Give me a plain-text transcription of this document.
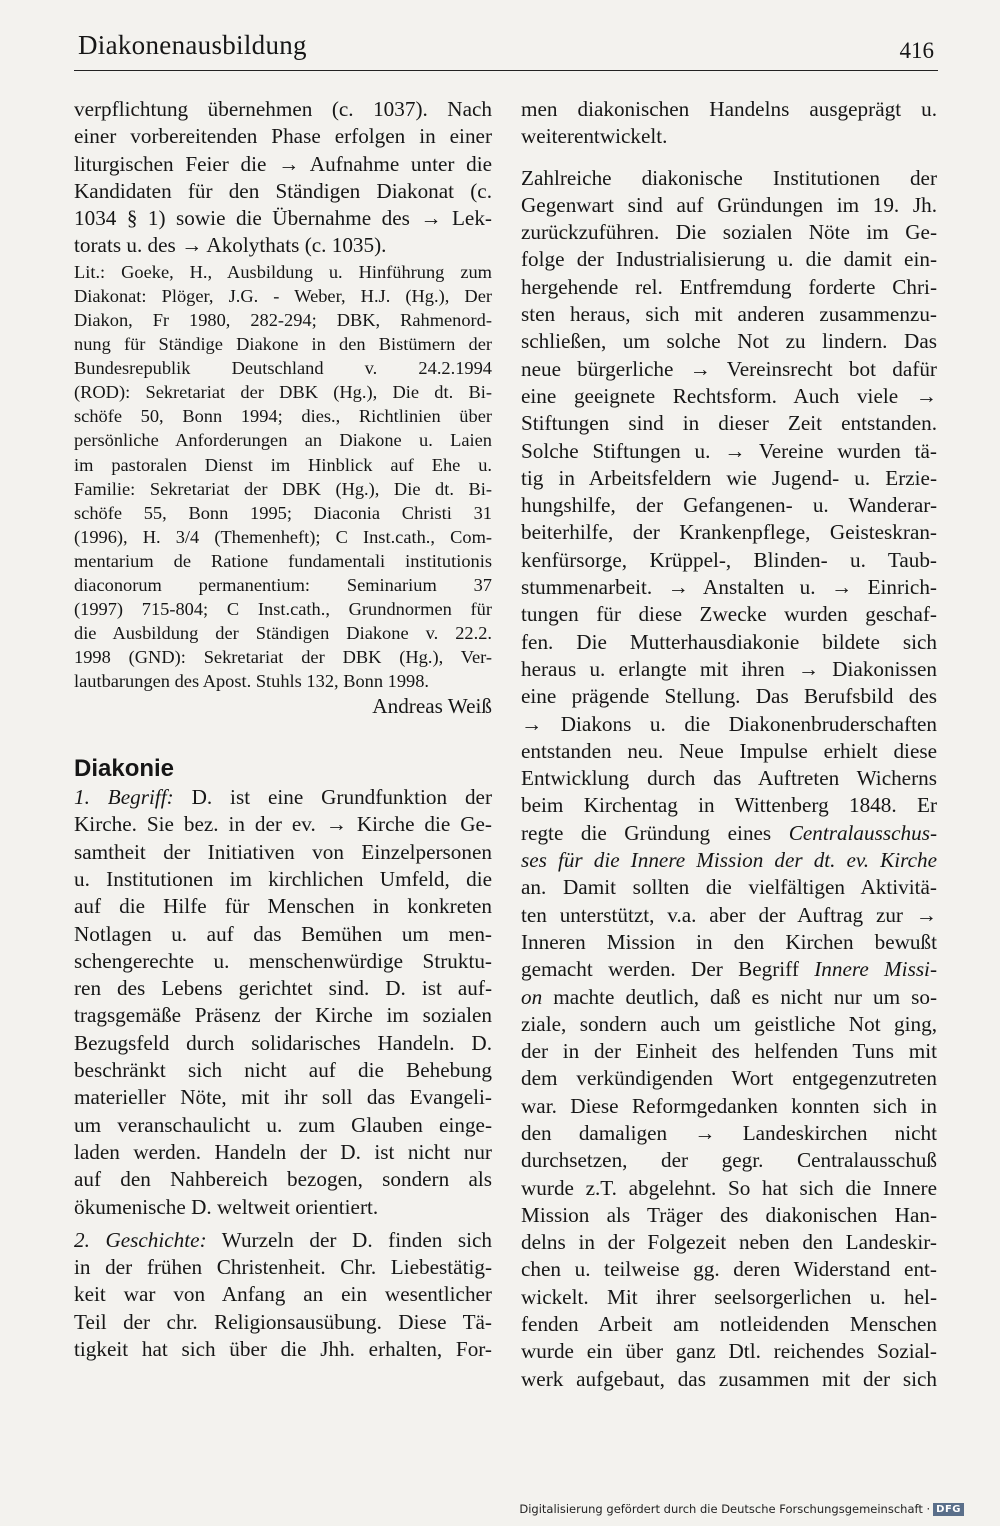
Diakonenausbildung	416

verpflichtung übernehmen (c. 1037). Nach
einer vorbereitenden Phase erfolgen in einer
liturgischen Feier die → Aufnahme unter die
Kandidaten für den Ständigen Diakonat (c.
1034 § 1) sowie die Übernahme des → Lek-
torats u. des → Akolythats (c. 1035).

Lit.: Goeke, H., Ausbildung u. Hinführung zum
Diakonat: Plöger, J.G. - Weber, H.J. (Hg.), Der
Diakon, Fr 1980, 282-294; DBK, Rahmenord-
nung für Ständige Diakone in den Bistümern der
Bundesrepublik Deutschland v. 24.2.1994
(ROD): Sekretariat der DBK (Hg.), Die dt. Bi-
schöfe 50, Bonn 1994; dies., Richtlinien über
persönliche Anforderungen an Diakone u. Laien
im pastoralen Dienst im Hinblick auf Ehe u.
Familie: Sekretariat der DBK (Hg.), Die dt. Bi-
schöfe 55, Bonn 1995; Diaconia Christi 31
(1996), H. 3/4 (Themenheft); C Inst.cath., Com-
mentarium de Ratione fundamentali institutionis
diaconorum permanentium: Seminarium 37
(1997) 715-804; C Inst.cath., Grundnormen für
die Ausbildung der Ständigen Diakone v. 22.2.
1998 (GND): Sekretariat der DBK (Hg.), Ver-
lautbarungen des Apost. Stuhls 132, Bonn 1998.

Andreas Weiß

Diakonie

1. Begriff: D. ist eine Grundfunktion der
Kirche. Sie bez. in der ev. → Kirche die Ge-
samtheit der Initiativen von Einzelpersonen
u. Institutionen im kirchlichen Umfeld, die
auf die Hilfe für Menschen in konkreten
Notlagen u. auf das Bemühen um men-
schengerechte u. menschenwürdige Struktu-
ren des Lebens gerichtet sind. D. ist auf-
tragsgemäße Präsenz der Kirche im sozialen
Bezugsfeld durch solidarisches Handeln. D.
beschränkt sich nicht auf die Behebung
materieller Nöte, mit ihr soll das Evangeli-
um veranschaulicht u. zum Glauben einge-
laden werden. Handeln der D. ist nicht nur
auf den Nahbereich bezogen, sondern als
ökumenische D. weltweit orientiert.

2. Geschichte: Wurzeln der D. finden sich
in der frühen Christenheit. Chr. Liebestätig-
keit war von Anfang an ein wesentlicher
Teil der chr. Religionsausübung. Diese Tä-
tigkeit hat sich über die Jhh. erhalten, For-

men diakonischen Handelns ausgeprägt u.
weiterentwickelt.

Zahlreiche diakonische Institutionen der
Gegenwart sind auf Gründungen im 19. Jh.
zurückzuführen. Die sozialen Nöte im Ge-
folge der Industrialisierung u. die damit ein-
hergehende rel. Entfremdung forderte Chri-
sten heraus, sich mit anderen zusammenzu-
schließen, um solche Not zu lindern. Das
neue bürgerliche → Vereinsrecht bot dafür
eine geeignete Rechtsform. Auch viele →
Stiftungen sind in dieser Zeit entstanden.
Solche Stiftungen u. → Vereine wurden tä-
tig in Arbeitsfeldern wie Jugend- u. Erzie-
hungshilfe, der Gefangenen- u. Wanderar-
beiterhilfe, der Krankenpflege, Geisteskran-
kenfürsorge, Krüppel-, Blinden- u. Taub-
stummenarbeit. → Anstalten u. → Einrich-
tungen für diese Zwecke wurden geschaf-
fen. Die Mutterhausdiakonie bildete sich
heraus u. erlangte mit ihren → Diakonissen
eine prägende Stellung. Das Berufsbild des
→ Diakons u. die Diakonenbruderschaften
entstanden neu. Neue Impulse erhielt diese
Entwicklung durch das Auftreten Wicherns
beim Kirchentag in Wittenberg 1848. Er
regte die Gründung eines Centralausschus-
ses für die Innere Mission der dt. ev. Kirche
an. Damit sollten die vielfältigen Aktivitä-
ten unterstützt, v.a. aber der Auftrag zur →
Inneren Mission in den Kirchen bewußt
gemacht werden. Der Begriff Innere Missi-
on machte deutlich, daß es nicht nur um so-
ziale, sondern auch um geistliche Not ging,
der in der Einheit des helfenden Tuns mit
dem verkündigenden Wort entgegenzutreten
war. Diese Reformgedanken konnten sich in
den damaligen → Landeskirchen nicht
durchsetzen, der gegr. Centralausschuß
wurde z.T. abgelehnt. So hat sich die Innere
Mission als Träger des diakonischen Han-
delns in der Folgezeit neben den Landeskir-
chen u. teilweise gg. deren Widerstand ent-
wickelt. Mit ihrer seelsorgerlichen u. hel-
fenden Arbeit am notleidenden Menschen
wurde ein über ganz Dtl. reichendes Sozial-
werk aufgebaut, das zusammen mit der sich

Digitalisierung gefördert durch die Deutsche Forschungsgemeinschaft · DFG
